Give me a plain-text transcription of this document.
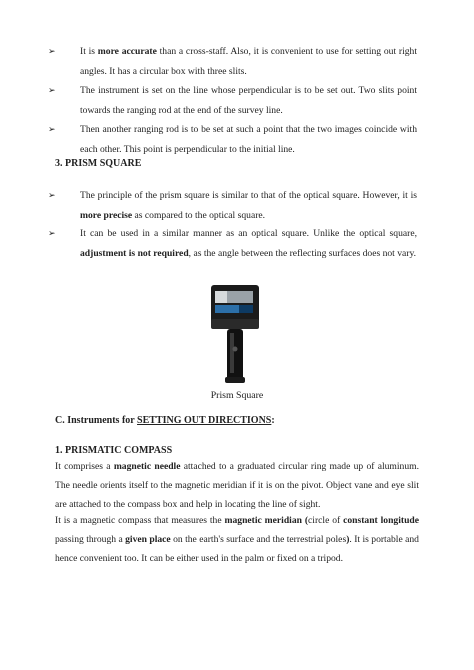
➢	It is more accurate than a cross-staff. Also, it is convenient to use for setting out right angles. It has a circular box with three slits.
➢	The instrument is set on the line whose perpendicular is to be set out. Two slits point towards the ranging rod at the end of the survey line.
➢	Then another ranging rod is to be set at such a point that the two images coincide with each other. This point is perpendicular to the initial line.
3. PRISM SQUARE
➢	The principle of the prism square is similar to that of the optical square. However, it is more precise as compared to the optical square.
➢	It can be used in a similar manner as an optical square. Unlike the optical square, adjustment is not required, as the angle between the reflecting surfaces does not vary.
Prism Square
C. Instruments for SETTING OUT DIRECTIONS:
1. PRISMATIC COMPASS
It comprises a magnetic needle attached to a graduated circular ring made up of aluminum. The needle orients itself to the magnetic meridian if it is on the pivot. Object vane and eye slit are attached to the compass box and help in locating the line of sight.
It is a magnetic compass that measures the magnetic meridian (circle of constant longitude passing through a given place on the earth's surface and the terrestrial poles). It is portable and hence convenient too. It can be either used in the palm or fixed on a tripod.
